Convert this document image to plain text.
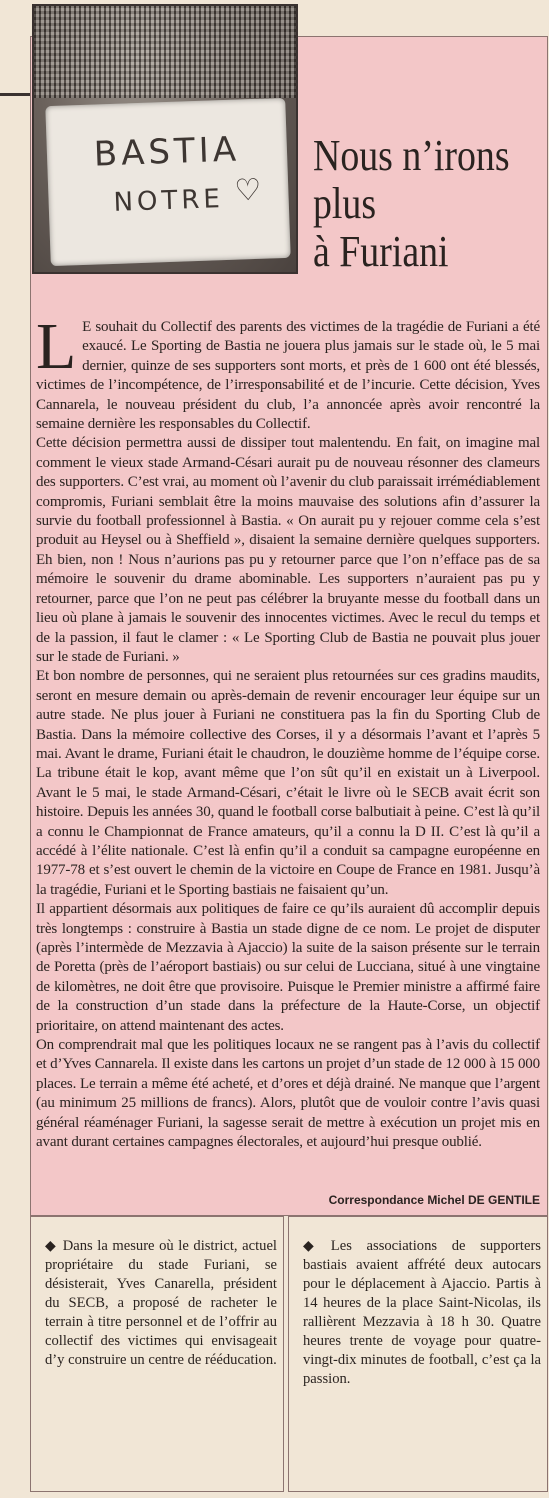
BASTIA
NOTRE ♡
Nous n’irons
plus
à Furiani

L E souhait du Collectif des parents des victimes de la tragédie de Furiani a été exaucé. Le Sporting de Bastia ne jouera plus jamais sur le stade où, le 5 mai dernier, quinze de ses supporters sont morts, et près de 1 600 ont été blessés, victimes de l’incompétence, de l’irresponsabilité et de l’incurie. Cette décision, Yves Cannarela, le nouveau président du club, l’a annoncée après avoir rencontré la semaine dernière les responsables du Collectif.

Cette décision permettra aussi de dissiper tout malentendu. En fait, on imagine mal comment le vieux stade Armand-Césari aurait pu de nouveau résonner des clameurs des supporters. C’est vrai, au moment où l’avenir du club paraissait irrémédiablement compromis, Furiani semblait être la moins mauvaise des solutions afin d’assurer la survie du football professionnel à Bastia. « On aurait pu y rejouer comme cela s’est produit au Heysel ou à Sheffield », disaient la semaine dernière quelques supporters. Eh bien, non ! Nous n’aurions pas pu y retourner parce que l’on n’efface pas de sa mémoire le souvenir du drame abominable. Les supporters n’auraient pas pu y retourner, parce que l’on ne peut pas célébrer la bruyante messe du football dans un lieu où plane à jamais le souvenir des innocentes victimes. Avec le recul du temps et de la passion, il faut le clamer : « Le Sporting Club de Bastia ne pouvait plus jouer sur le stade de Furiani. »

Et bon nombre de personnes, qui ne seraient plus retournées sur ces gradins maudits, seront en mesure demain ou après-demain de revenir encourager leur équipe sur un autre stade. Ne plus jouer à Furiani ne constituera pas la fin du Sporting Club de Bastia. Dans la mémoire collective des Corses, il y a désormais l’avant et l’après 5 mai. Avant le drame, Furiani était le chaudron, le douzième homme de l’équipe corse. La tribune était le kop, avant même que l’on sût qu’il en existait un à Liverpool. Avant le 5 mai, le stade Armand-Césari, c’était le livre où le SECB avait écrit son histoire. Depuis les années 30, quand le football corse balbutiait à peine. C’est là qu’il a connu le Championnat de France amateurs, qu’il a connu la D II. C’est là qu’il a accédé à l’élite nationale. C’est là enfin qu’il a conduit sa campagne européenne en 1977-78 et s’est ouvert le chemin de la victoire en Coupe de France en 1981. Jusqu’à la tragédie, Furiani et le Sporting bastiais ne faisaient qu’un.

Il appartient désormais aux politiques de faire ce qu’ils auraient dû accomplir depuis très longtemps : construire à Bastia un stade digne de ce nom. Le projet de disputer (après l’intermède de Mezzavia à Ajaccio) la suite de la saison présente sur le terrain de Poretta (près de l’aéroport bastiais) ou sur celui de Lucciana, situé à une vingtaine de kilomètres, ne doit être que provisoire. Puisque le Premier ministre a affirmé faire de la construction d’un stade dans la préfecture de la Haute-Corse, un objectif prioritaire, on attend maintenant des actes.

On comprendrait mal que les politiques locaux ne se rangent pas à l’avis du collectif et d’Yves Cannarela. Il existe dans les cartons un projet d’un stade de 12 000 à 15 000 places. Le terrain a même été acheté, et d’ores et déjà drainé. Ne manque que l’argent (au minimum 25 millions de francs). Alors, plutôt que de vouloir contre l’avis quasi général réaménager Furiani, la sagesse serait de mettre à exécution un projet mis en avant durant certaines campagnes électorales, et aujourd’hui presque oublié.

Correspondance Michel DE GENTILE
◆ Dans la mesure où le district, actuel propriétaire du stade Furiani, se désisterait, Yves Canarella, président du SECB, a proposé de racheter le terrain à titre personnel et de l’offrir au collectif des victimes qui envisageait d’y construire un centre de rééducation.
◆ Les associations de supporters bastiais avaient affrété deux autocars pour le déplacement à Ajaccio. Partis à 14 heures de la place Saint-Nicolas, ils rallièrent Mezzavia à 18 h 30. Quatre heures trente de voyage pour quatre-vingt-dix minutes de football, c’est ça la passion.
